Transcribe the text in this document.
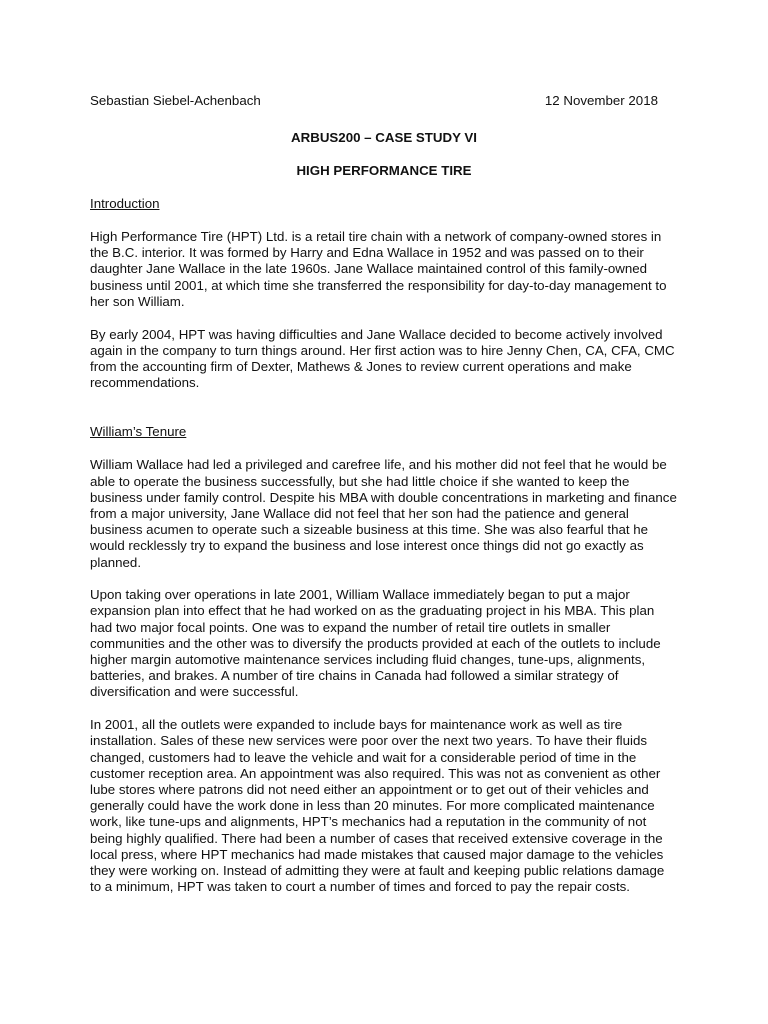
Sebastian Siebel-Achenbach	12 November 2018
ARBUS200 – CASE STUDY VI
HIGH PERFORMANCE TIRE
Introduction

High Performance Tire (HPT) Ltd. is a retail tire chain with a network of company-owned stores in the B.C. interior. It was formed by Harry and Edna Wallace in 1952 and was passed on to their daughter Jane Wallace in the late 1960s. Jane Wallace maintained control of this family-owned business until 2001, at which time she transferred the responsibility for day-to-day management to her son William.

By early 2004, HPT was having difficulties and Jane Wallace decided to become actively involved again in the company to turn things around. Her first action was to hire Jenny Chen, CA, CFA, CMC from the accounting firm of Dexter, Mathews & Jones to review current operations and make recommendations.

William’s Tenure

William Wallace had led a privileged and carefree life, and his mother did not feel that he would be able to operate the business successfully, but she had little choice if she wanted to keep the business under family control. Despite his MBA with double concentrations in marketing and finance from a major university, Jane Wallace did not feel that her son had the patience and general business acumen to operate such a sizeable business at this time. She was also fearful that he would recklessly try to expand the business and lose interest once things did not go exactly as planned.

Upon taking over operations in late 2001, William Wallace immediately began to put a major expansion plan into effect that he had worked on as the graduating project in his MBA. This plan had two major focal points. One was to expand the number of retail tire outlets in smaller communities and the other was to diversify the products provided at each of the outlets to include higher margin automotive maintenance services including fluid changes, tune-ups, alignments, batteries, and brakes. A number of tire chains in Canada had followed a similar strategy of diversification and were successful.

In 2001, all the outlets were expanded to include bays for maintenance work as well as tire installation. Sales of these new services were poor over the next two years. To have their fluids changed, customers had to leave the vehicle and wait for a considerable period of time in the customer reception area. An appointment was also required. This was not as convenient as other lube stores where patrons did not need either an appointment or to get out of their vehicles and generally could have the work done in less than 20 minutes. For more complicated maintenance work, like tune-ups and alignments, HPT’s mechanics had a reputation in the community of not being highly qualified. There had been a number of cases that received extensive coverage in the local press, where HPT mechanics had made mistakes that caused major damage to the vehicles they were working on. Instead of admitting they were at fault and keeping public relations damage to a minimum, HPT was taken to court a number of times and forced to pay the repair costs.
